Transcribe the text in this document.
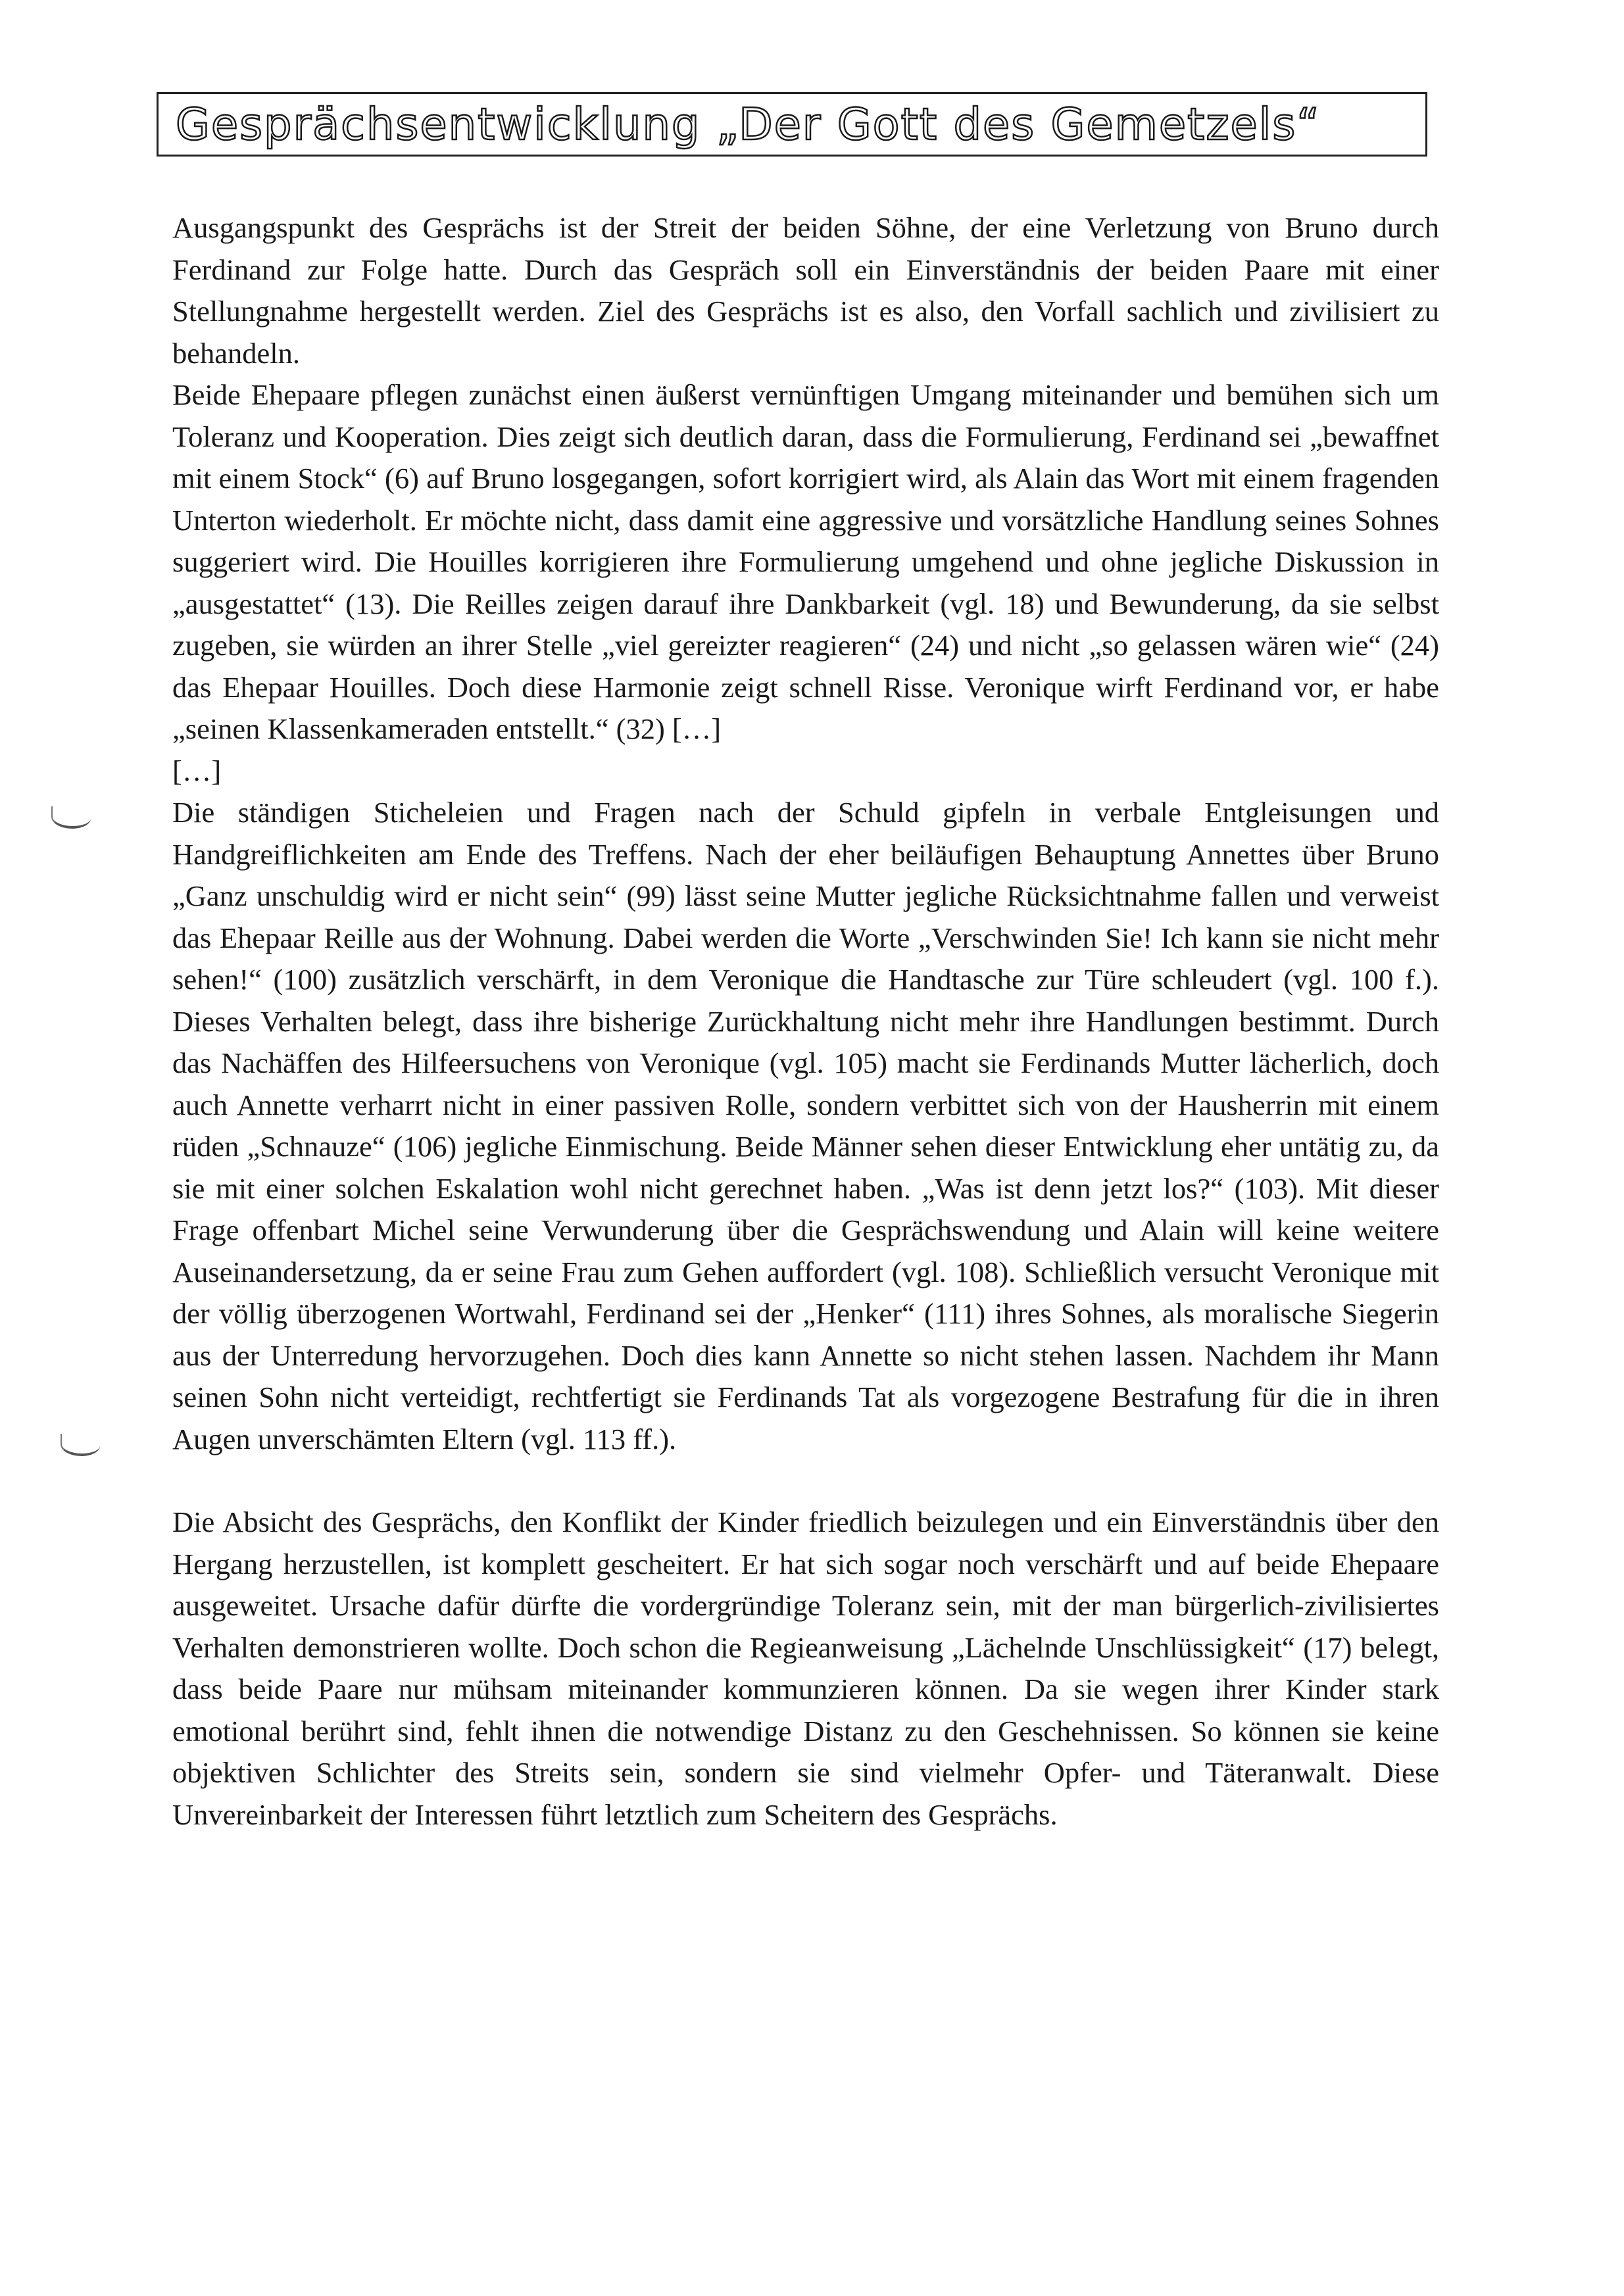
Gesprächsentwicklung „Der Gott des Gemetzels“

Ausgangspunkt des Gesprächs ist der Streit der beiden Söhne, der eine Verletzung von Bruno durch Ferdinand zur Folge hatte. Durch das Gespräch soll ein Einverständnis der beiden Paare mit einer Stellungnahme hergestellt werden. Ziel des Gesprächs ist es also, den Vorfall sachlich und zivilisiert zu behandeln.

Beide Ehepaare pflegen zunächst einen äußerst vernünftigen Umgang miteinander und bemühen sich um Toleranz und Kooperation. Dies zeigt sich deutlich daran, dass die Formulierung, Ferdinand sei „bewaffnet mit einem Stock“ (6) auf Bruno losgegangen, sofort korrigiert wird, als Alain das Wort mit einem fragenden Unterton wiederholt. Er möchte nicht, dass damit eine aggressive und vorsätzliche Handlung seines Sohnes suggeriert wird. Die Houilles korrigieren ihre Formulierung umgehend und ohne jegliche Diskussion in „ausgestattet“ (13). Die Reilles zeigen darauf ihre Dankbarkeit (vgl. 18) und Bewunderung, da sie selbst zugeben, sie würden an ihrer Stelle „viel gereizter reagieren“ (24) und nicht „so gelassen wären wie“ (24) das Ehepaar Houilles. Doch diese Harmonie zeigt schnell Risse. Veronique wirft Ferdinand vor, er habe „seinen Klassenkameraden entstellt.“ (32) […]

[…]

Die ständigen Sticheleien und Fragen nach der Schuld gipfeln in verbale Entgleisungen und Handgreiflichkeiten am Ende des Treffens. Nach der eher beiläufigen Behauptung Annettes über Bruno „Ganz unschuldig wird er nicht sein“ (99) lässt seine Mutter jegliche Rücksichtnahme fallen und verweist das Ehepaar Reille aus der Wohnung. Dabei werden die Worte „Verschwinden Sie! Ich kann sie nicht mehr sehen!“ (100) zusätzlich verschärft, in dem Veronique die Handtasche zur Türe schleudert (vgl. 100 f.). Dieses Verhalten belegt, dass ihre bisherige Zurückhaltung nicht mehr ihre Handlungen bestimmt. Durch das Nachäffen des Hilfeersuchens von Veronique (vgl. 105) macht sie Ferdinands Mutter lächerlich, doch auch Annette verharrt nicht in einer passiven Rolle, sondern verbittet sich von der Hausherrin mit einem rüden „Schnauze“ (106) jegliche Einmischung. Beide Männer sehen dieser Entwicklung eher untätig zu, da sie mit einer solchen Eskalation wohl nicht gerechnet haben. „Was ist denn jetzt los?“ (103). Mit dieser Frage offenbart Michel seine Verwunderung über die Gesprächswendung und Alain will keine weitere Auseinandersetzung, da er seine Frau zum Gehen auffordert (vgl. 108). Schließlich versucht Veronique mit der völlig überzogenen Wortwahl, Ferdinand sei der „Henker“ (111) ihres Sohnes, als moralische Siegerin aus der Unterredung hervorzugehen. Doch dies kann Annette so nicht stehen lassen. Nachdem ihr Mann seinen Sohn nicht verteidigt, rechtfertigt sie Ferdinands Tat als vorgezogene Bestrafung für die in ihren Augen unverschämten Eltern (vgl. 113 ff.).

Die Absicht des Gesprächs, den Konflikt der Kinder friedlich beizulegen und ein Einverständnis über den Hergang herzustellen, ist komplett gescheitert. Er hat sich sogar noch verschärft und auf beide Ehepaare ausgeweitet. Ursache dafür dürfte die vordergründige Toleranz sein, mit der man bürgerlich-zivilisiertes Verhalten demonstrieren wollte. Doch schon die Regieanweisung „Lächelnde Unschlüssigkeit“ (17) belegt, dass beide Paare nur mühsam miteinander kommunzieren können. Da sie wegen ihrer Kinder stark emotional berührt sind, fehlt ihnen die notwendige Distanz zu den Geschehnissen. So können sie keine objektiven Schlichter des Streits sein, sondern sie sind vielmehr Opfer- und Täteranwalt. Diese Unvereinbarkeit der Interessen führt letztlich zum Scheitern des Gesprächs.
